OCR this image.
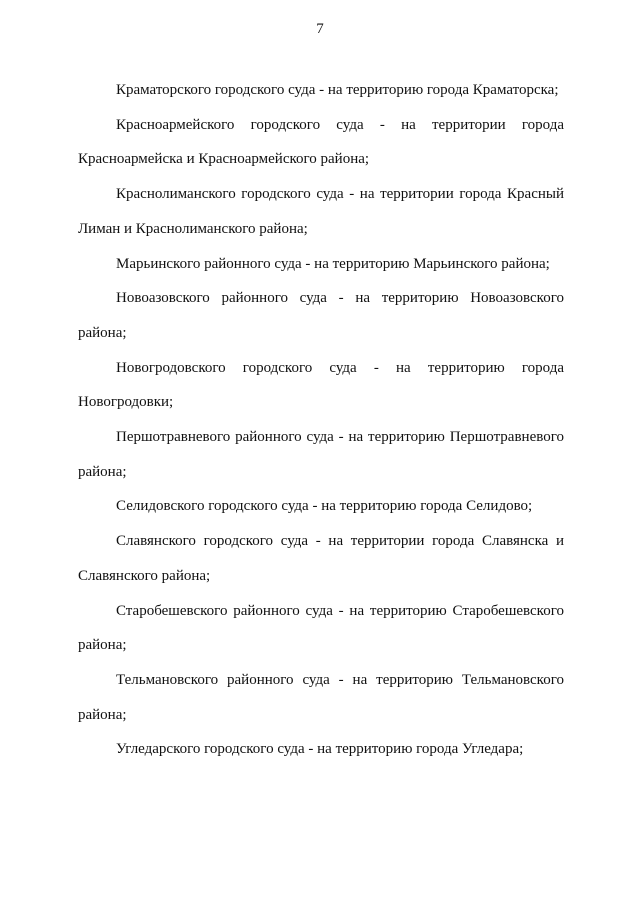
7

Краматорского городского суда - на территорию города Краматорска;

Красноармейского городского суда - на территории города Красноармейска и Красноармейского района;

Краснолиманского городского суда - на территории города Красный Лиман и Краснолиманского района;

Марьинского районного суда - на территорию Марьинского района;

Новоазовского районного суда - на территорию Новоазовского района;

Новогродовского городского суда - на территорию города Новогродовки;

Першотравневого районного суда - на территорию Першотравневого района;

Селидовского городского суда - на территорию города Селидово;

Славянского городского суда - на территории города Славянска и Славянского района;

Старобешевского районного суда - на территорию Старобешевского района;

Тельмановского районного суда - на территорию Тельмановского района;

Угледарского городского суда - на территорию города Угледара;
